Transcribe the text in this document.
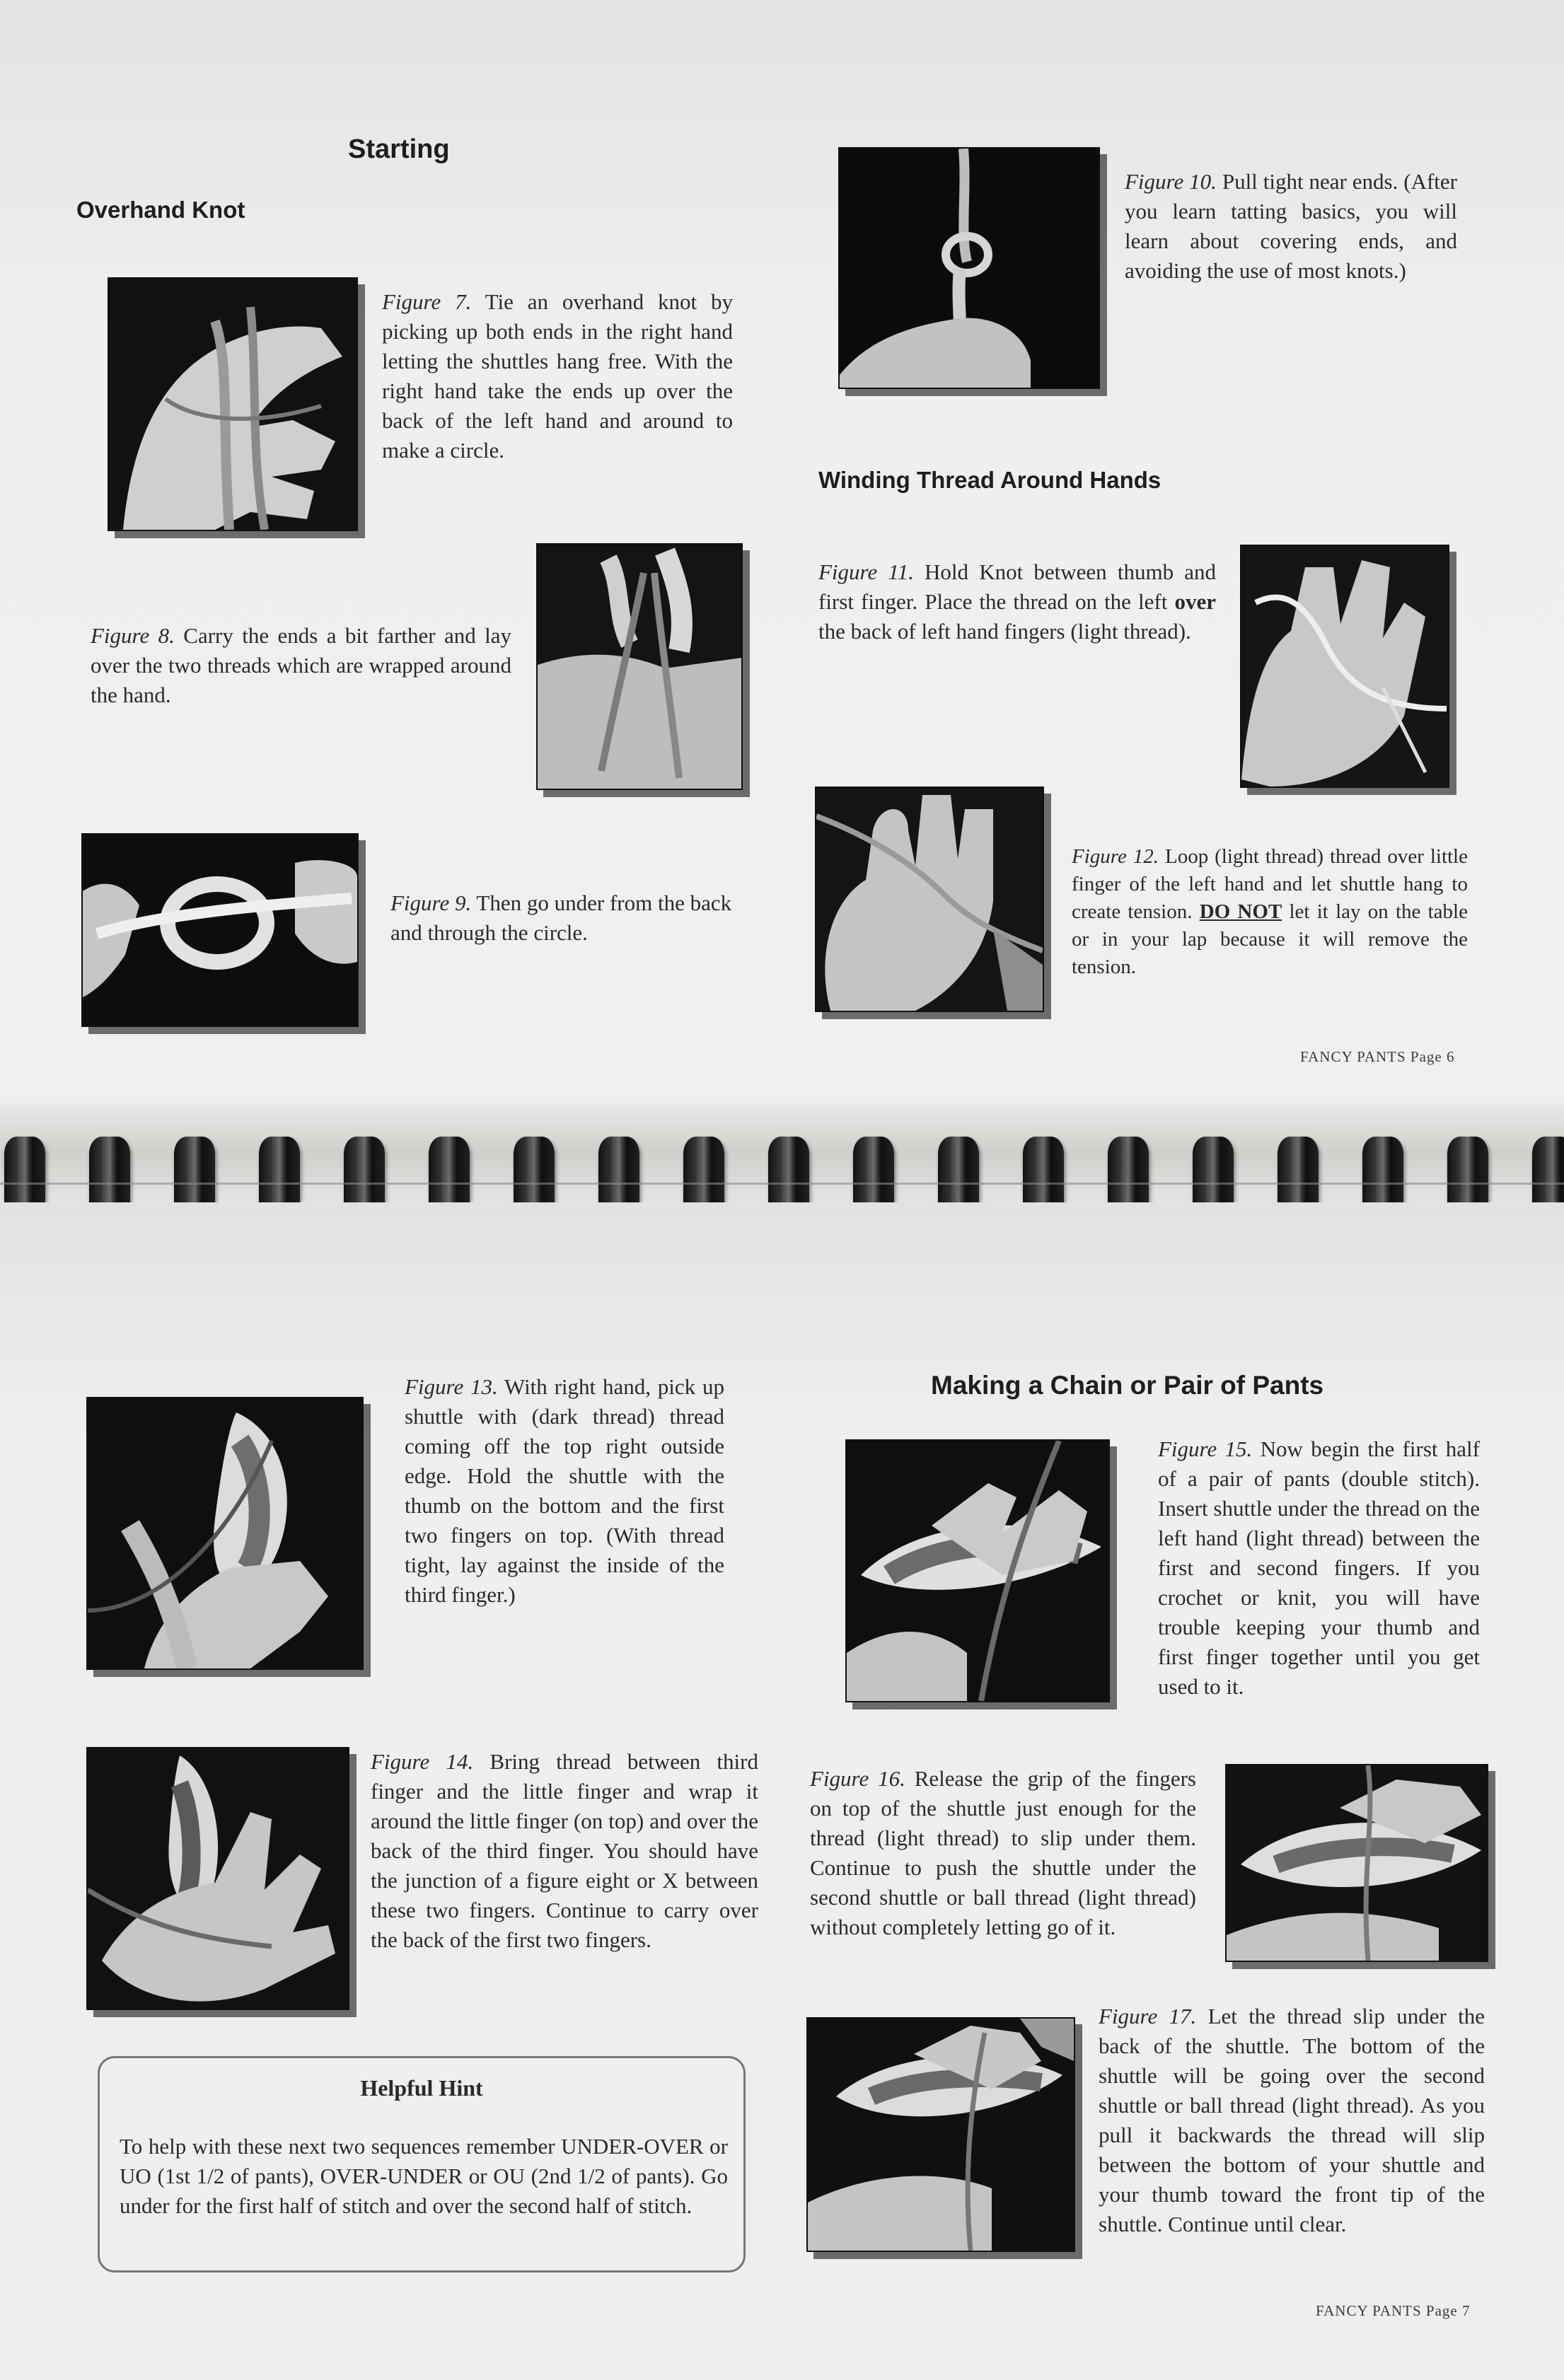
Starting
Overhand Knot
Figure 7. Tie an overhand knot by picking up both ends in the right hand letting the shuttles hang free. With the right hand take the ends up over the back of the left hand and around to make a circle.
Figure 8. Carry the ends a bit farther and lay over the two threads which are wrapped around the hand.
Figure 9. Then go under from the back and through the circle.
Figure 10. Pull tight near ends. (After you learn tatting basics, you will learn about covering ends, and avoiding the use of most knots.)
Winding Thread Around Hands
Figure 11. Hold Knot between thumb and first finger. Place the thread on the left over the back of left hand fingers (light thread).
Figure 12. Loop (light thread) thread over little finger of the left hand and let shuttle hang to create tension. DO NOT let it lay on the table or in your lap because it will remove the tension.
FANCY PANTS Page 6
Figure 13. With right hand, pick up shuttle with (dark thread) thread coming off the top right outside edge. Hold the shuttle with the thumb on the bottom and the first two fingers on top. (With thread tight, lay against the inside of the third finger.)
Figure 14. Bring thread between third finger and the little finger and wrap it around the little finger (on top) and over the back of the third finger. You should have the junction of a figure eight or X between these two fingers. Continue to carry over the back of the first two fingers.
Helpful Hint
To help with these next two sequences remember UNDER-OVER or UO (1st 1/2 of pants), OVER-UNDER or OU (2nd 1/2 of pants). Go under for the first half of stitch and over the second half of stitch.
Making a Chain or Pair of Pants
Figure 15. Now begin the first half of a pair of pants (double stitch). Insert shuttle under the thread on the left hand (light thread) between the first and second fingers. If you crochet or knit, you will have trouble keeping your thumb and first finger together until you get used to it.
Figure 16. Release the grip of the fingers on top of the shuttle just enough for the thread (light thread) to slip under them. Continue to push the shuttle under the second shuttle or ball thread (light thread) without completely letting go of it.
Figure 17. Let the thread slip under the back of the shuttle. The bottom of the shuttle will be going over the second shuttle or ball thread (light thread). As you pull it backwards the thread will slip between the bottom of your shuttle and your thumb toward the front tip of the shuttle. Continue until clear.
FANCY PANTS Page 7
